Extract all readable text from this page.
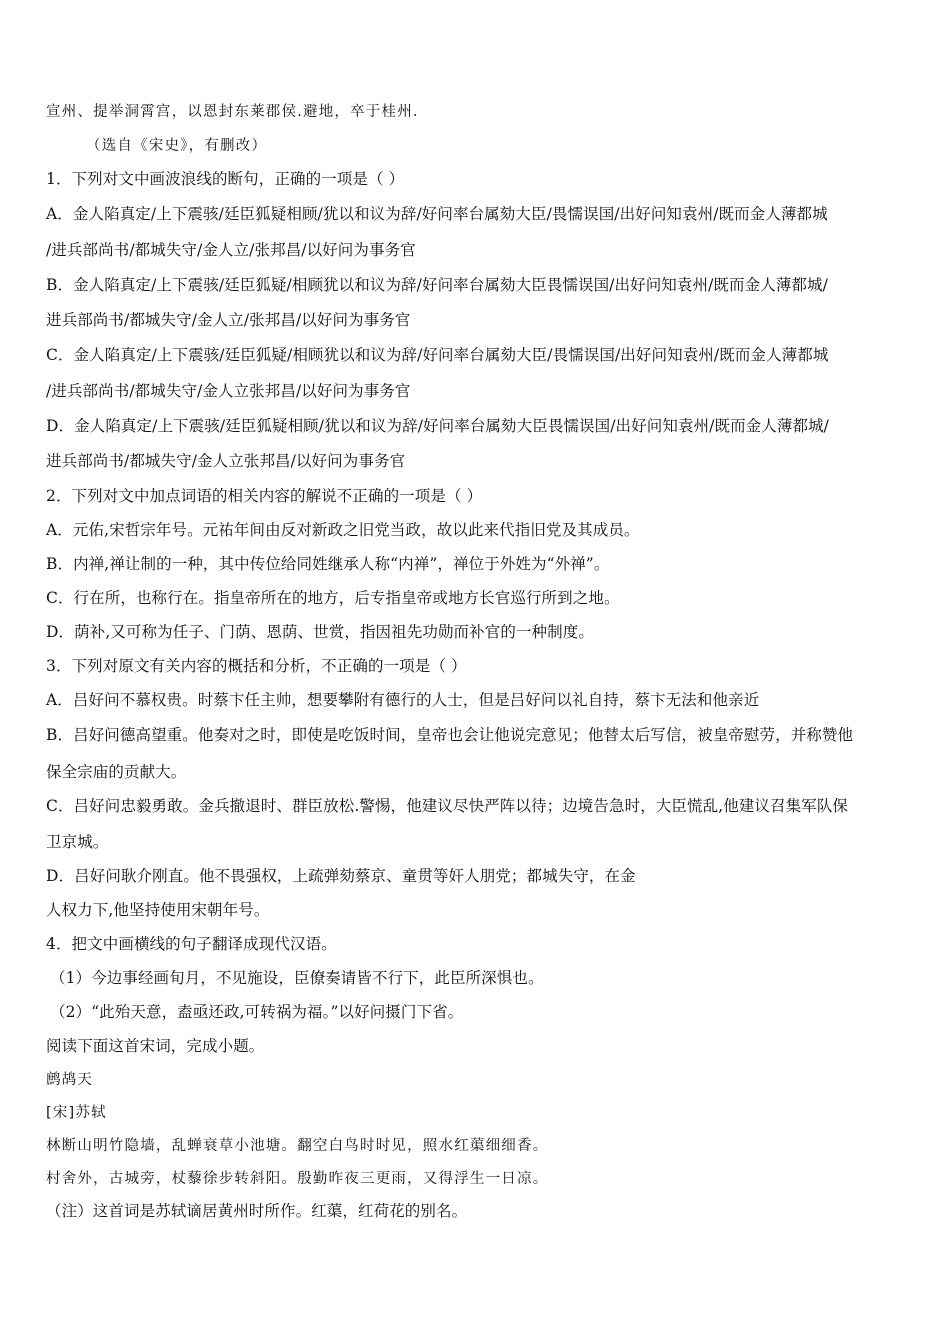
宣州、提举洞霄宫，以恩封东莱郡侯.避地，卒于桂州.
（选自《宋史》，有删改）
1．下列对文中画波浪线的断句，正确的一项是（ ）
A．金人陷真定/上下震骇/廷臣狐疑相顾/犹以和议为辞/好问率台属劾大臣/畏懦误国/出好问知袁州/既而金人薄都城
/进兵部尚书/都城失守/金人立/张邦昌/以好问为事务官
B．金人陷真定/上下震骇/廷臣狐疑/相顾犹以和议为辞/好问率台属劾大臣畏懦误国/出好问知袁州/既而金人薄都城/
进兵部尚书/都城失守/金人立/张邦昌/以好问为事务官
C．金人陷真定/上下震骇/廷臣狐疑/相顾犹以和议为辞/好问率台属劾大臣/畏懦误国/出好问知袁州/既而金人薄都城
/进兵部尚书/都城失守/金人立张邦昌/以好问为事务官
D．金人陷真定/上下震骇/廷臣狐疑相顾/犹以和议为辞/好问率台属劾大臣畏懦误国/出好问知袁州/既而金人薄都城/
进兵部尚书/都城失守/金人立张邦昌/以好问为事务官
2．下列对文中加点词语的相关内容的解说不正确的一项是（ ）
A．元佑,宋哲宗年号。元祐年间由反对新政之旧党当政，故以此来代指旧党及其成员。
B．内禅,禅让制的一种，其中传位给同姓继承人称“内禅”，禅位于外姓为“外禅”。
C．行在所，也称行在。指皇帝所在的地方，后专指皇帝或地方长官巡行所到之地。
D．荫补,又可称为任子、门荫、恩荫、世赏，指因祖先功勋而补官的一种制度。
3．下列对原文有关内容的概括和分析，不正确的一项是（ ）
A．吕好问不慕权贵。时蔡卞任主帅，想要攀附有德行的人士，但是吕好问以礼自持，蔡卞无法和他亲近
B．吕好问德高望重。他奏对之时，即使是吃饭时间，皇帝也会让他说完意见；他替太后写信，被皇帝慰劳，并称赞他
保全宗庙的贡献大。
C．吕好问忠毅勇敢。金兵撤退时、群臣放松.警惕，他建议尽快严阵以待；边境告急时，大臣慌乱,他建议召集军队保
卫京城。
D．吕好问耿介刚直。他不畏强权，上疏弹劾蔡京、童贯等奸人朋党；都城失守，在金
人权力下,他坚持使用宋朝年号。
4．把文中画横线的句子翻译成现代汉语。
（1）今边事经画旬月，不见施设，臣僚奏请皆不行下，此臣所深惧也。
（2）“此殆天意，盍亟还政,可转祸为福。”以好问摄门下省。
阅读下面这首宋词，完成小题。
鹧鸪天
[宋]苏轼
林断山明竹隐墙，乱蝉衰草小池塘。翻空白鸟时时见，照水红蕖细细香。
村舍外，古城旁，杖藜徐步转斜阳。殷勤昨夜三更雨，又得浮生一日凉。
（注）这首词是苏轼谪居黄州时所作。红蕖，红荷花的别名。
